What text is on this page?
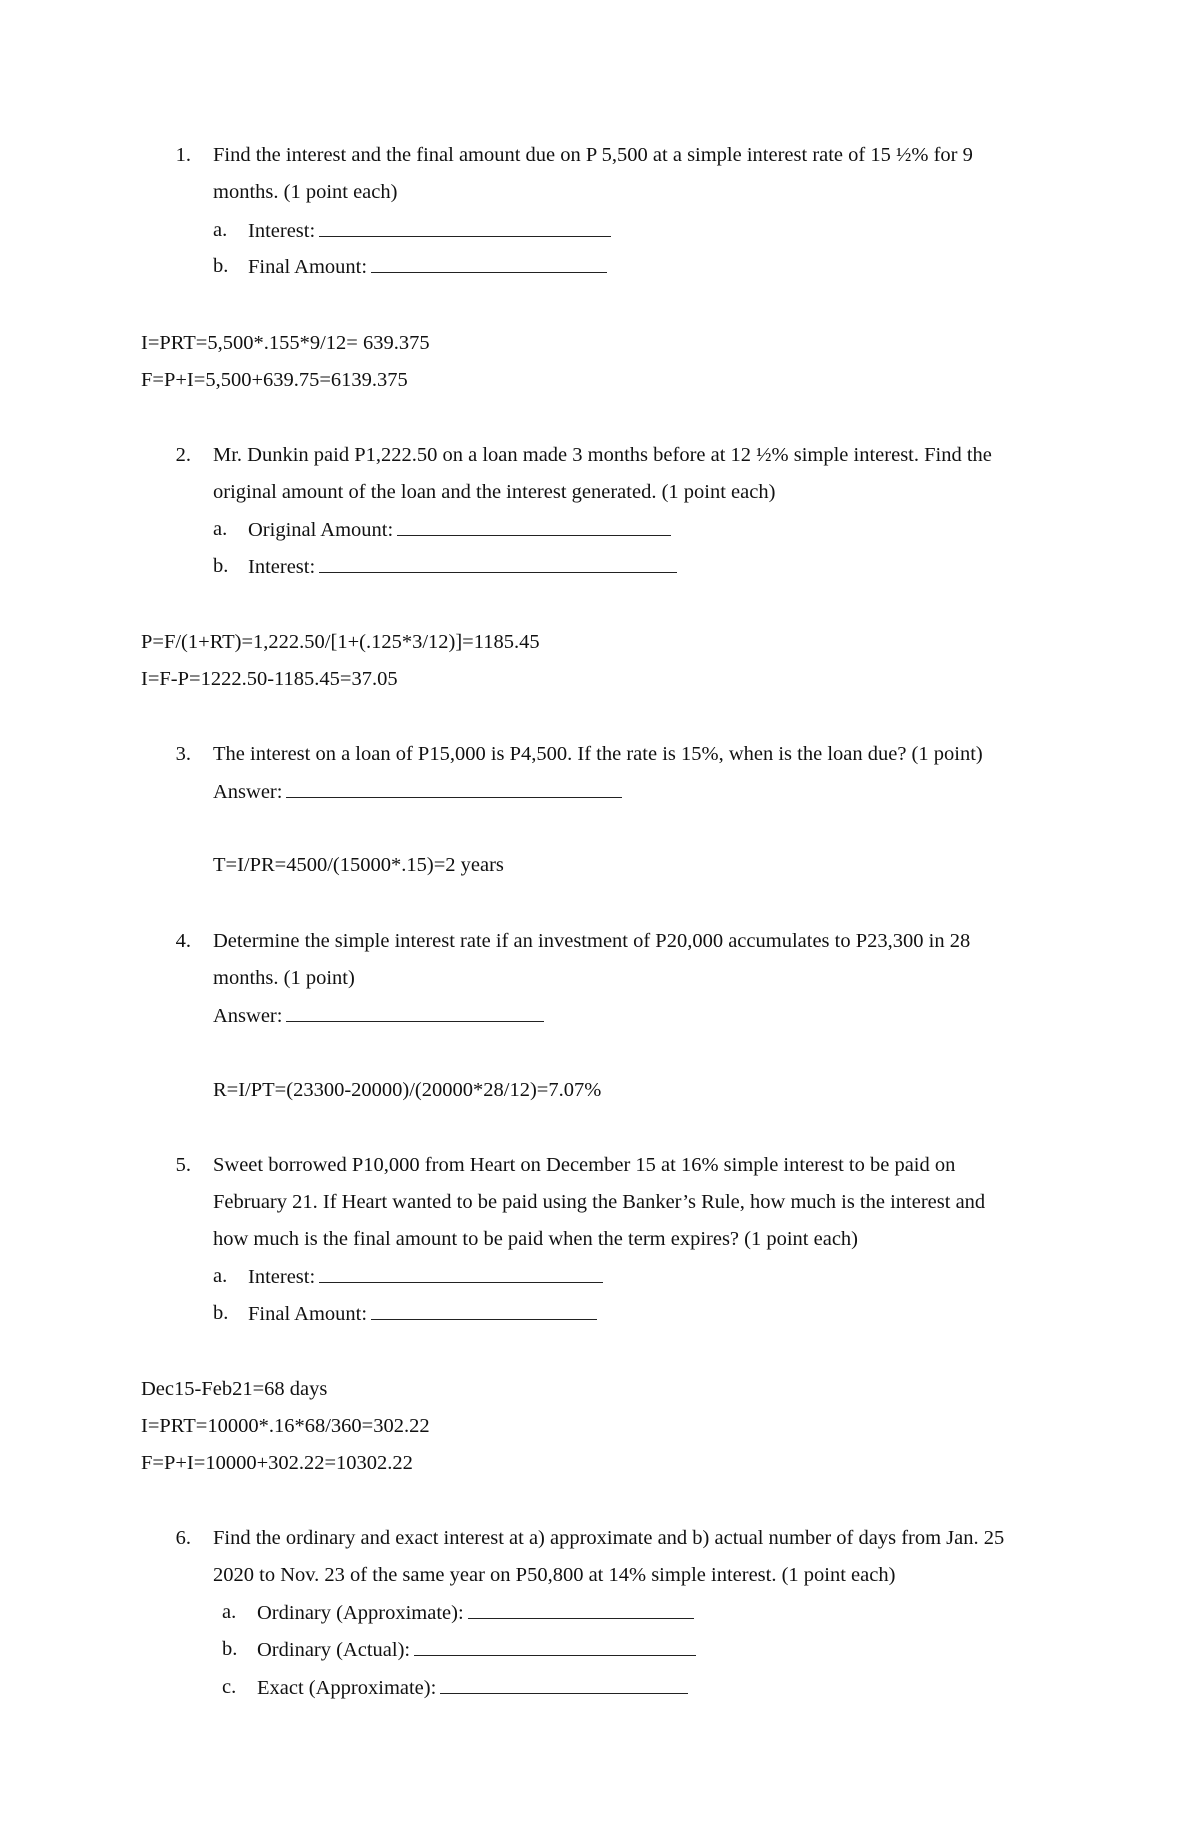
1. Find the interest and the final amount due on P 5,500 at a simple interest rate of 15 ½% for 9
months. (1 point each)
a. Interest:
b. Final Amount:
I=PRT=5,500*.155*9/12= 639.375
F=P+I=5,500+639.75=6139.375
2. Mr. Dunkin paid P1,222.50 on a loan made 3 months before at 12 ½% simple interest. Find the
original amount of the loan and the interest generated. (1 point each)
a. Original Amount:
b. Interest:
P=F/(1+RT)=1,222.50/[1+(.125*3/12)]=1185.45
I=F-P=1222.50-1185.45=37.05
3. The interest on a loan of P15,000 is P4,500. If the rate is 15%, when is the loan due? (1 point)
Answer:
T=I/PR=4500/(15000*.15)=2 years
4. Determine the simple interest rate if an investment of P20,000 accumulates to P23,300 in 28
months. (1 point)
Answer:
R=I/PT=(23300-20000)/(20000*28/12)=7.07%
5. Sweet borrowed P10,000 from Heart on December 15 at 16% simple interest to be paid on
February 21. If Heart wanted to be paid using the Banker’s Rule, how much is the interest and
how much is the final amount to be paid when the term expires? (1 point each)
a. Interest:
b. Final Amount:
Dec15-Feb21=68 days
I=PRT=10000*.16*68/360=302.22
F=P+I=10000+302.22=10302.22
6. Find the ordinary and exact interest at a) approximate and b) actual number of days from Jan. 25
2020 to Nov. 23 of the same year on P50,800 at 14% simple interest. (1 point each)
a. Ordinary (Approximate):
b. Ordinary (Actual):
c. Exact (Approximate):
